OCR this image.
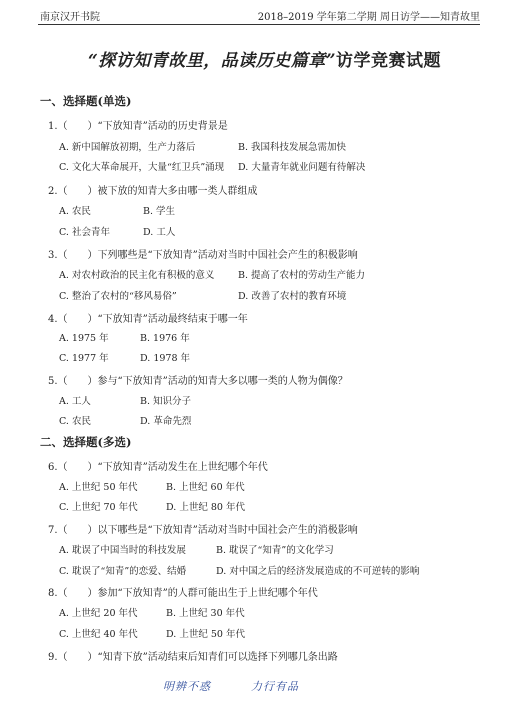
南京汉开书院	2018–2019 学年第二学期 周日访学——知青故里
“探访知青故里，品读历史篇章”访学竞赛试题
一、选择题(单选)
1.（　　）“下放知青”活动的历史背景是
A. 新中国解放初期，生产力落后	B. 我国科技发展急需加快
C. 文化大革命展开，大量“红卫兵”涌现 D. 大量青年就业问题有待解决
2.（　　）被下放的知青大多由哪一类人群组成
A. 农民	B. 学生
C. 社会青年	D. 工人
3.（　　）下列哪些是“下放知青”活动对当时中国社会产生的积极影响
A. 对农村政治的民主化有积极的意义 B. 提高了农村的劳动生产能力
C. 整治了农村的“移风易俗”	D. 改善了农村的教育环境
4.（　　）“下放知青”活动最终结束于哪一年
A. 1975 年	B. 1976 年
C. 1977 年	D. 1978 年
5.（　　）参与“下放知青”活动的知青大多以哪一类的人物为偶像？
A. 工人	B. 知识分子
C. 农民	D. 革命先烈
二、选择题(多选)
6.（　　）“下放知青”活动发生在上世纪哪个年代
A. 上世纪 50 年代	B. 上世纪 60 年代
C. 上世纪 70 年代	D. 上世纪 80 年代
7.（　　）以下哪些是“下放知青”活动对当时中国社会产生的消极影响
A. 耽误了中国当时的科技发展	B. 耽误了“知青”的文化学习
C. 耽误了“知青”的恋爱、结婚	D. 对中国之后的经济发展造成的不可逆转的影响
8.（　　）参加“下放知青”的人群可能出生于上世纪哪个年代
A. 上世纪 20 年代	B. 上世纪 30 年代
C. 上世纪 40 年代	D. 上世纪 50 年代
9.（　　）“知青下放”活动结束后知青们可以选择下列哪几条出路
明辨不惑	力行有品
